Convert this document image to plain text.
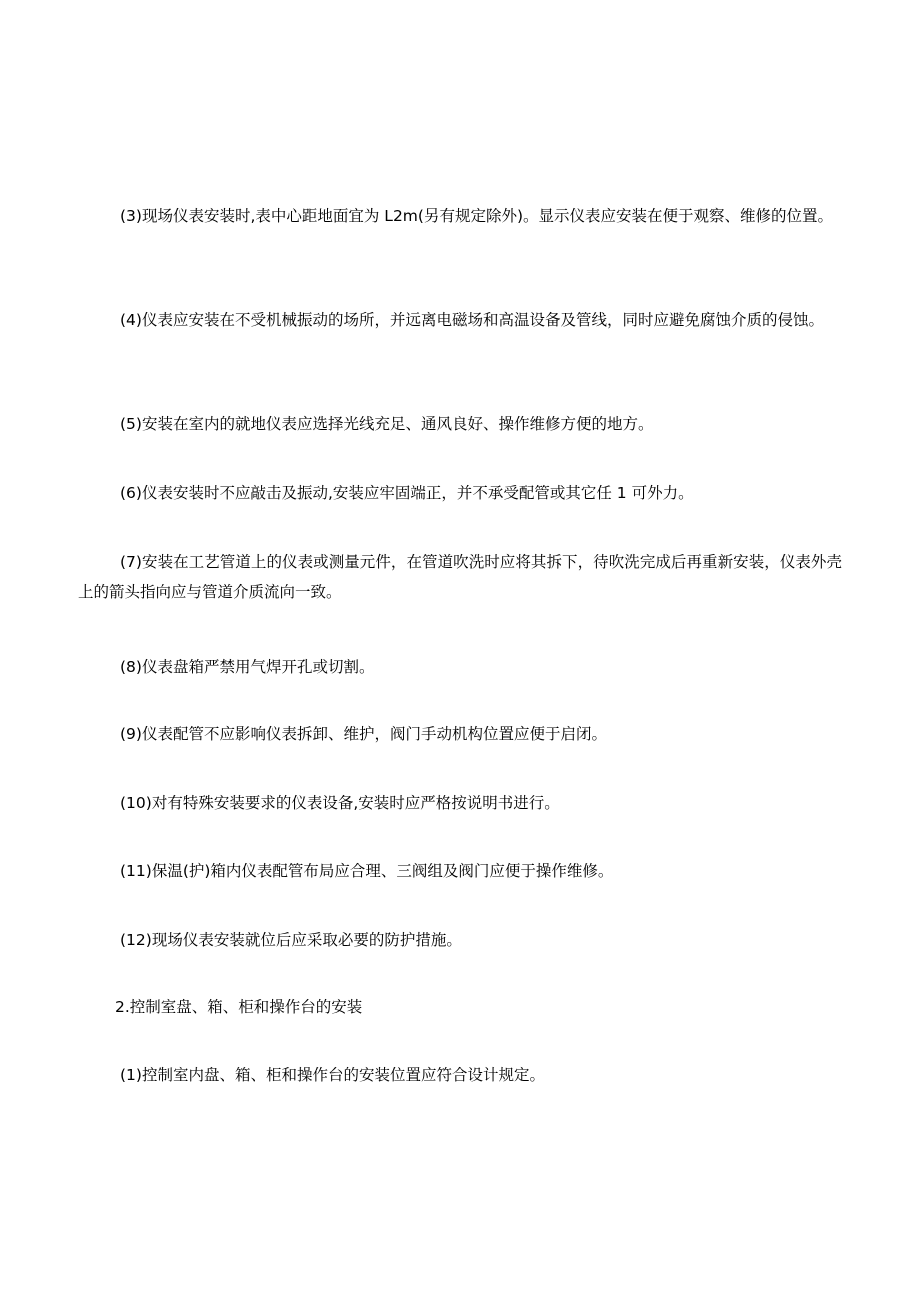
(3)现场仪表安装时,表中心距地面宜为 L2m(另有规定除外)。显示仪表应安装在便于观察、维修的位置。

(4)仪表应安装在不受机械振动的场所，并远离电磁场和高温设备及管线，同时应避免腐蚀介质的侵蚀。

(5)安装在室内的就地仪表应选择光线充足、通风良好、操作维修方便的地方。

(6)仪表安装时不应敲击及振动,安装应牢固端正，并不承受配管或其它任 1 可外力。

(7)安装在工艺管道上的仪表或测量元件，在管道吹洗时应将其拆下，待吹洗完成后再重新安装，仪表外壳上的箭头指向应与管道介质流向一致。

(8)仪表盘箱严禁用气焊开孔或切割。

(9)仪表配管不应影响仪表拆卸、维护，阀门手动机构位置应便于启闭。

(10)对有特殊安装要求的仪表设备,安装时应严格按说明书进行。

(11)保温(护)箱内仪表配管布局应合理、三阀组及阀门应便于操作维修。

(12)现场仪表安装就位后应采取必要的防护措施。

2.控制室盘、箱、柜和操作台的安装

(1)控制室内盘、箱、柜和操作台的安装位置应符合设计规定。
